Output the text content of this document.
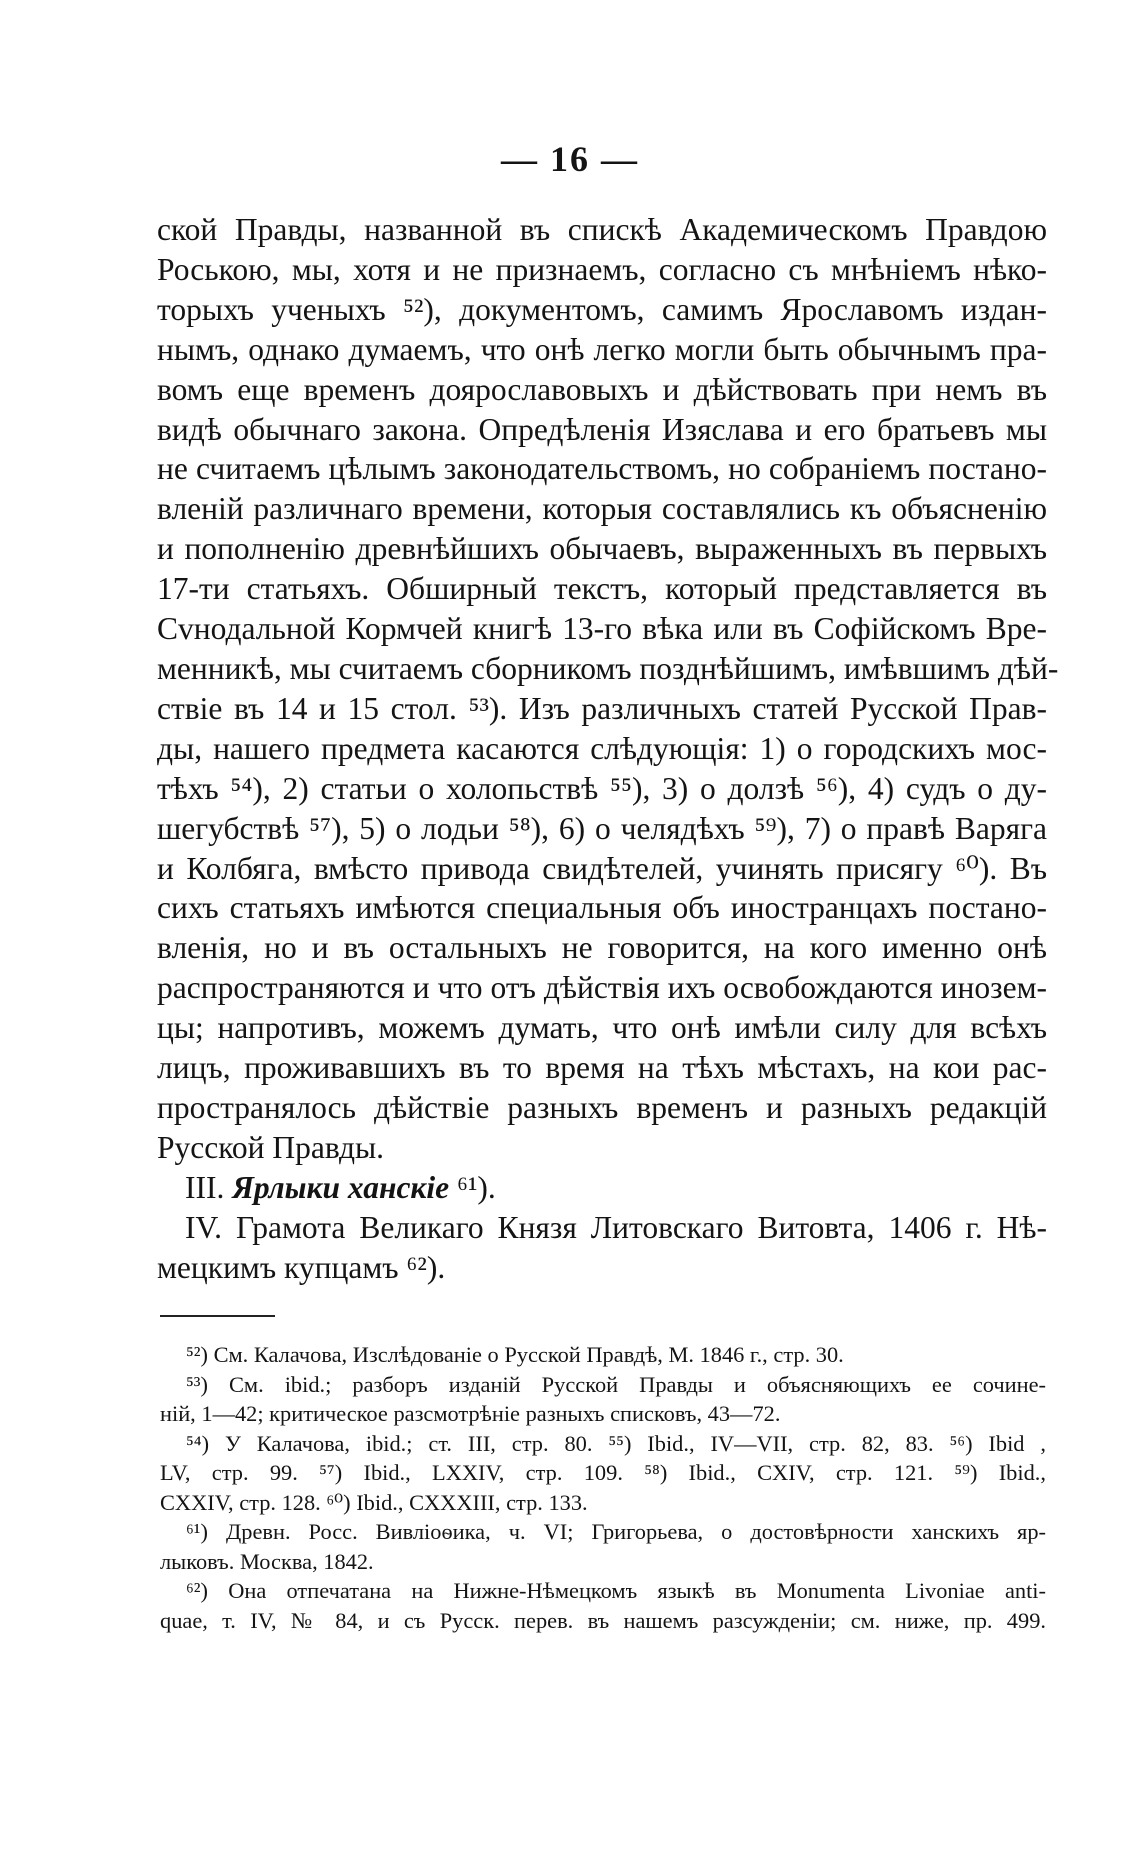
— 16 —
ской Правды, названной въ спискѣ Академическомъ Правдою
Роською, мы, хотя и не признаемъ, согласно съ мнѣніемъ нѣко-
торыхъ ученыхъ ⁵²), документомъ, самимъ Ярославомъ издан-
нымъ, однако думаемъ, что онѣ легко могли быть обычнымъ пра-
вомъ еще временъ доярославовыхъ и дѣйствовать при немъ въ
видѣ обычнаго закона. Опредѣленія Изяслава и его братьевъ мы
не считаемъ цѣлымъ законодательствомъ, но собраніемъ постано-
вленій различнаго времени, которыя составлялись къ объясненію
и пополненію древнѣйшихъ обычаевъ, выраженныхъ въ первыхъ
17-ти статьяхъ. Обширный текстъ, который представляется въ
Сvнодальной Кормчей книгѣ 13-го вѣка или въ Софійскомъ Вре-
менникѣ, мы считаемъ сборникомъ позднѣйшимъ, имѣвшимъ дѣй-
ствіе въ 14 и 15 стол. ⁵³). Изъ различныхъ статей Русской Прав-
ды, нашего предмета касаются слѣдующія: 1) о городскихъ мос-
тѣхъ ⁵⁴), 2) статьи о холопьствѣ ⁵⁵), 3) о долзѣ ⁵⁶), 4) судъ о ду-
шегубствѣ ⁵⁷), 5) о лодьи ⁵⁸), 6) о челядѣхъ ⁵⁹), 7) о правѣ Варяга
и Колбяга, вмѣсто привода свидѣтелей, учинять присягу ⁶⁰). Въ
сихъ статьяхъ имѣются специальныя объ иностранцахъ постано-
вленія, но и въ остальныхъ не говорится, на кого именно онѣ
распространяются и что отъ дѣйствія ихъ освобождаются инозем-
цы; напротивъ, можемъ думать, что онѣ имѣли силу для всѣхъ
лицъ, проживавшихъ въ то время на тѣхъ мѣстахъ, на кои рас-
пространялось дѣйствіе разныхъ временъ и разныхъ редакцій
Русской Правды.
III. Ярлыки ханскіе ⁶¹).
IV. Грамота Великаго Князя Литовскаго Витовта, 1406 г. Нѣ-
мецкимъ купцамъ ⁶²).
⁵²) См. Калачова, Изслѣдованіе о Русской Правдѣ, М. 1846 г., стр. 30.
⁵³) См. ibid.; разборъ изданій Русской Правды и объясняющихъ ее сочине-
ній, 1—42; критическое разсмотрѣніе разныхъ списковъ, 43—72.
⁵⁴) У Калачова, ibid.; ст. III, стр. 80. ⁵⁵) Ibid., IV—VII, стр. 82, 83. ⁵⁶) Ibid ,
LV, стр. 99. ⁵⁷) Ibid., LXXIV, стр. 109. ⁵⁸) Ibid., CXIV, стр. 121. ⁵⁹) Ibid.,
CXXIV, стр. 128. ⁶⁰) Ibid., CXXXIII, стр. 133.
⁶¹) Древн. Росс. Вивліоѳика, ч. VI; Григорьева, о достовѣрности ханскихъ яр-
лыковъ. Москва, 1842.
⁶²) Она отпечатана на Нижне-Нѣмецкомъ языкѣ въ Monumenta Livoniae anti-
quae, т. IV, № 84, и съ Русск. перев. въ нашемъ разсужденіи; см. ниже, пр. 499.
